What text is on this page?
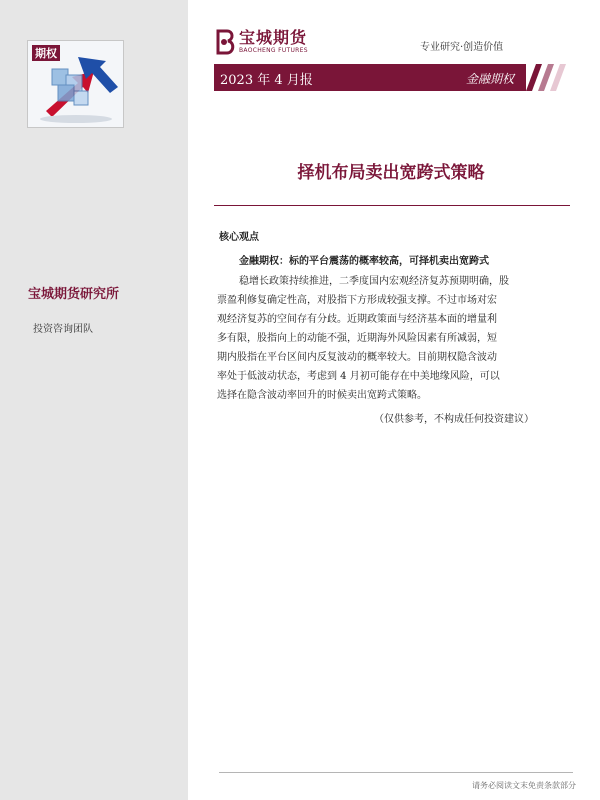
期权
宝城期货研究所
投资咨询团队
宝城期货
BAOCHENG FUTURES	专业研究·创造价值
2023 年 4 月报	金融期权
择机布局卖出宽跨式策略
核心观点
金融期权：标的平台震荡的概率较高，可择机卖出宽跨式
稳增长政策持续推进，二季度国内宏观经济复苏预期明确，股
票盈利修复确定性高，对股指下方形成较强支撑。不过市场对宏
观经济复苏的空间存有分歧。近期政策面与经济基本面的增量利
多有限，股指向上的动能不强，近期海外风险因素有所减弱，短
期内股指在平台区间内反复波动的概率较大。目前期权隐含波动
率处于低波动状态，考虑到 4 月初可能存在中美地缘风险，可以
选择在隐含波动率回升的时候卖出宽跨式策略。
（仅供参考，不构成任何投资建议）
请务必阅读文末免责条款部分
